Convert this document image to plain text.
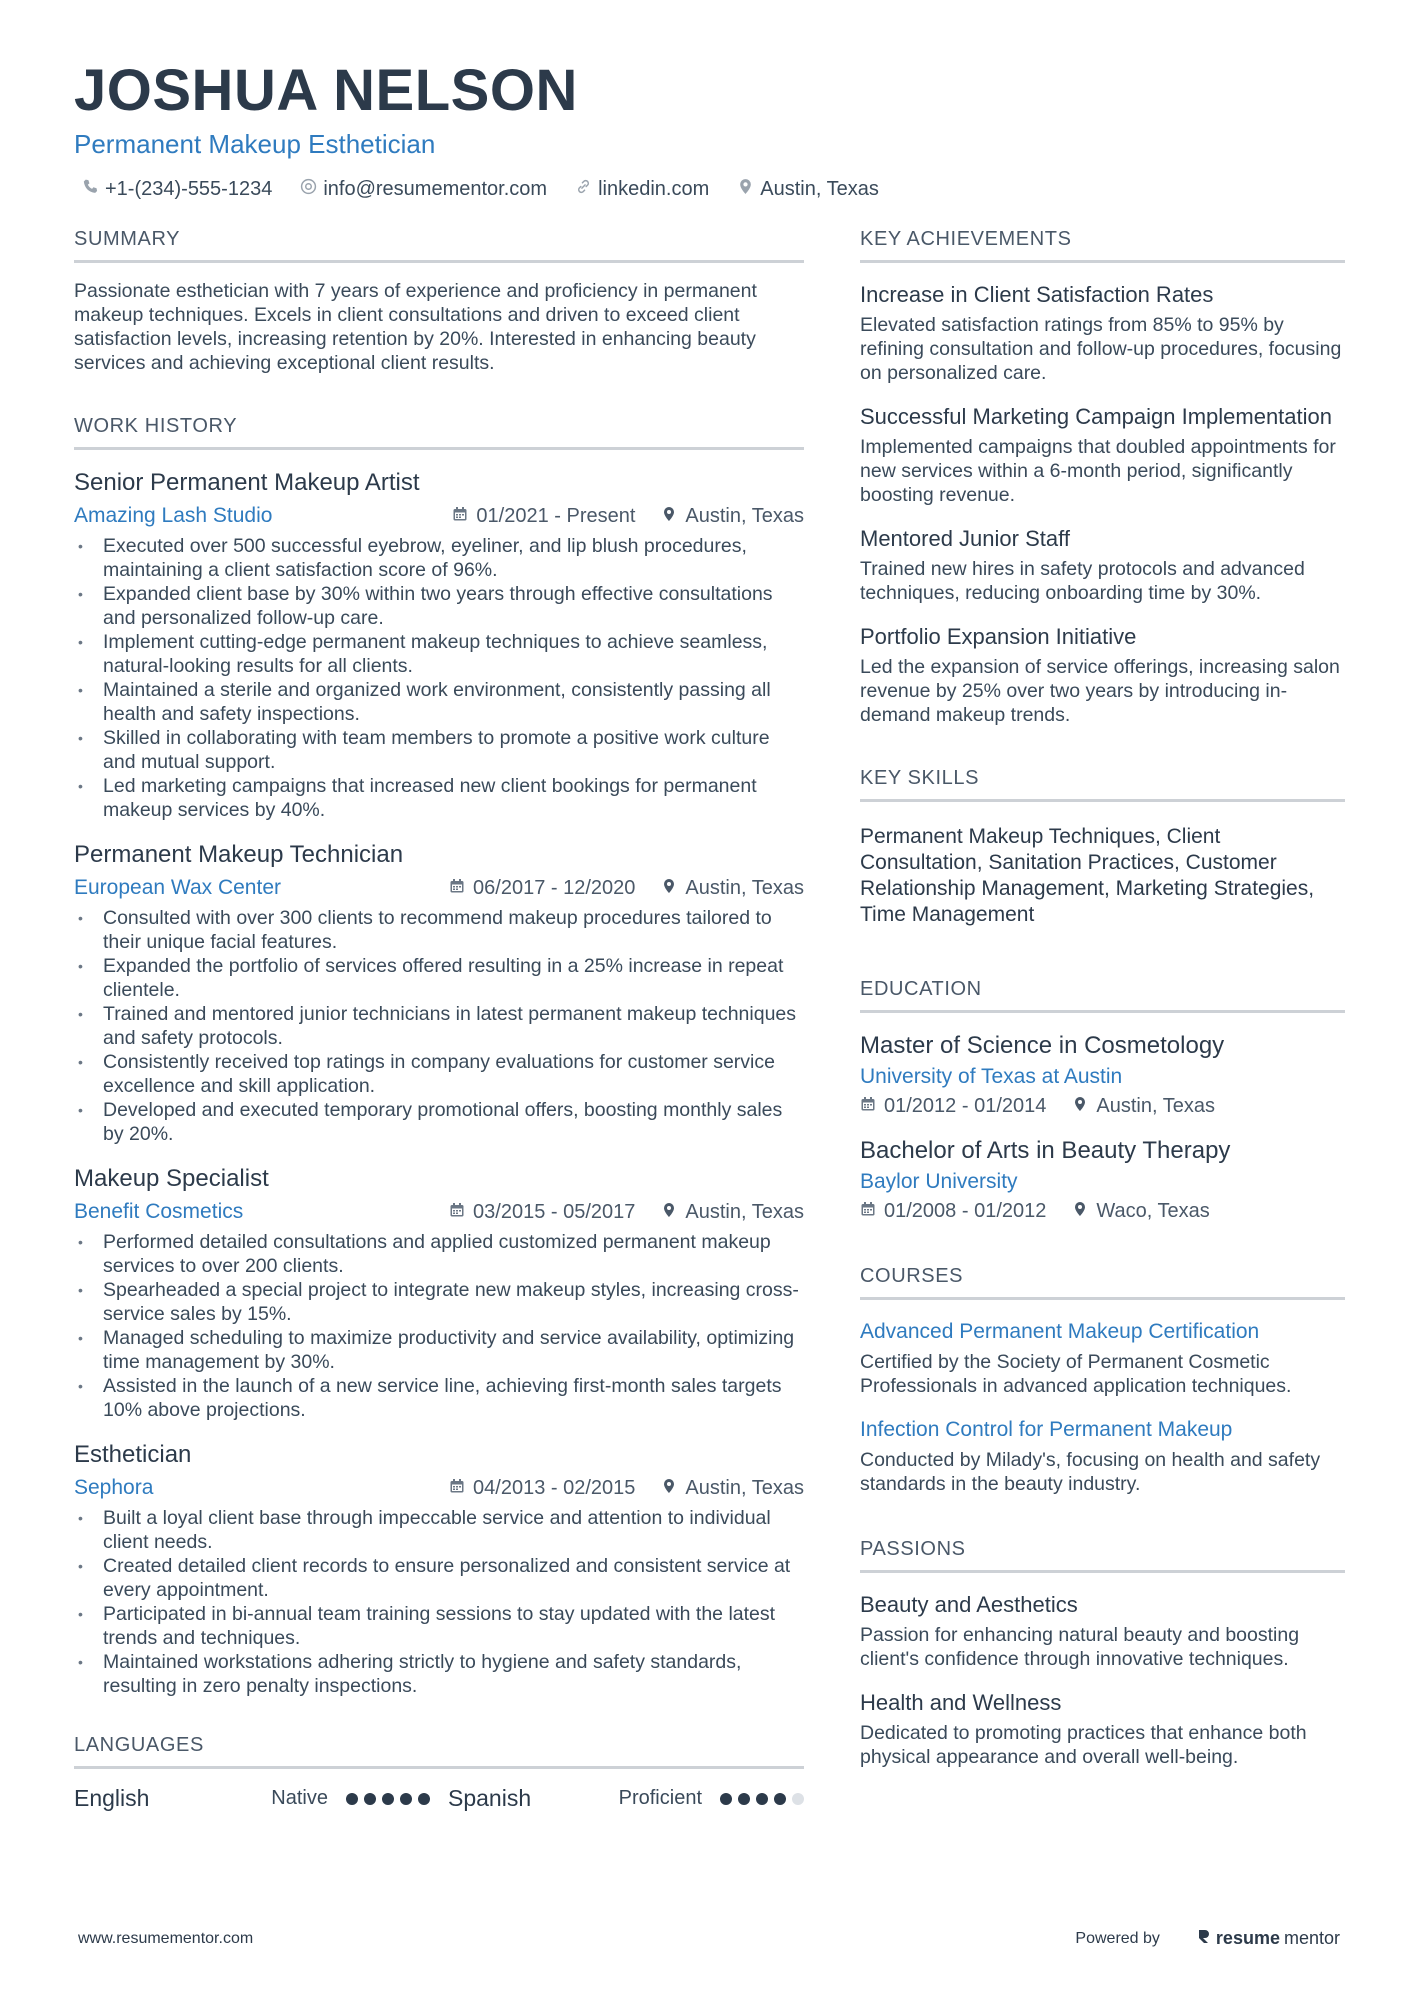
JOSHUA NELSON
Permanent Makeup Esthetician
+1-(234)-555-1234	info@resumementor.com	linkedin.com	Austin, Texas
SUMMARY
Passionate esthetician with 7 years of experience and proficiency in permanent makeup techniques. Excels in client consultations and driven to exceed client satisfaction levels, increasing retention by 20%. Interested in enhancing beauty services and achieving exceptional client results.
WORK HISTORY
Senior Permanent Makeup Artist
Amazing Lash Studio	01/2021 - Present	Austin, Texas
• Executed over 500 successful eyebrow, eyeliner, and lip blush procedures, maintaining a client satisfaction score of 96%.
• Expanded client base by 30% within two years through effective consultations and personalized follow-up care.
• Implement cutting-edge permanent makeup techniques to achieve seamless, natural-looking results for all clients.
• Maintained a sterile and organized work environment, consistently passing all health and safety inspections.
• Skilled in collaborating with team members to promote a positive work culture and mutual support.
• Led marketing campaigns that increased new client bookings for permanent makeup services by 40%.
Permanent Makeup Technician
European Wax Center	06/2017 - 12/2020	Austin, Texas
• Consulted with over 300 clients to recommend makeup procedures tailored to their unique facial features.
• Expanded the portfolio of services offered resulting in a 25% increase in repeat clientele.
• Trained and mentored junior technicians in latest permanent makeup techniques and safety protocols.
• Consistently received top ratings in company evaluations for customer service excellence and skill application.
• Developed and executed temporary promotional offers, boosting monthly sales by 20%.
Makeup Specialist
Benefit Cosmetics	03/2015 - 05/2017	Austin, Texas
• Performed detailed consultations and applied customized permanent makeup services to over 200 clients.
• Spearheaded a special project to integrate new makeup styles, increasing cross-service sales by 15%.
• Managed scheduling to maximize productivity and service availability, optimizing time management by 30%.
• Assisted in the launch of a new service line, achieving first-month sales targets 10% above projections.
Esthetician
Sephora	04/2013 - 02/2015	Austin, Texas
• Built a loyal client base through impeccable service and attention to individual client needs.
• Created detailed client records to ensure personalized and consistent service at every appointment.
• Participated in bi-annual team training sessions to stay updated with the latest trends and techniques.
• Maintained workstations adhering strictly to hygiene and safety standards, resulting in zero penalty inspections.
LANGUAGES
English	Native	Spanish	Proficient
KEY ACHIEVEMENTS
Increase in Client Satisfaction Rates
Elevated satisfaction ratings from 85% to 95% by refining consultation and follow-up procedures, focusing on personalized care.
Successful Marketing Campaign Implementation
Implemented campaigns that doubled appointments for new services within a 6-month period, significantly boosting revenue.
Mentored Junior Staff
Trained new hires in safety protocols and advanced techniques, reducing onboarding time by 30%.
Portfolio Expansion Initiative
Led the expansion of service offerings, increasing salon revenue by 25% over two years by introducing in-demand makeup trends.
KEY SKILLS
Permanent Makeup Techniques, Client Consultation, Sanitation Practices, Customer Relationship Management, Marketing Strategies, Time Management
EDUCATION
Master of Science in Cosmetology
University of Texas at Austin
01/2012 - 01/2014	Austin, Texas
Bachelor of Arts in Beauty Therapy
Baylor University
01/2008 - 01/2012	Waco, Texas
COURSES
Advanced Permanent Makeup Certification
Certified by the Society of Permanent Cosmetic Professionals in advanced application techniques.
Infection Control for Permanent Makeup
Conducted by Milady's, focusing on health and safety standards in the beauty industry.
PASSIONS
Beauty and Aesthetics
Passion for enhancing natural beauty and boosting client's confidence through innovative techniques.
Health and Wellness
Dedicated to promoting practices that enhance both physical appearance and overall well-being.
www.resumementor.com	Powered by	resume mentor
